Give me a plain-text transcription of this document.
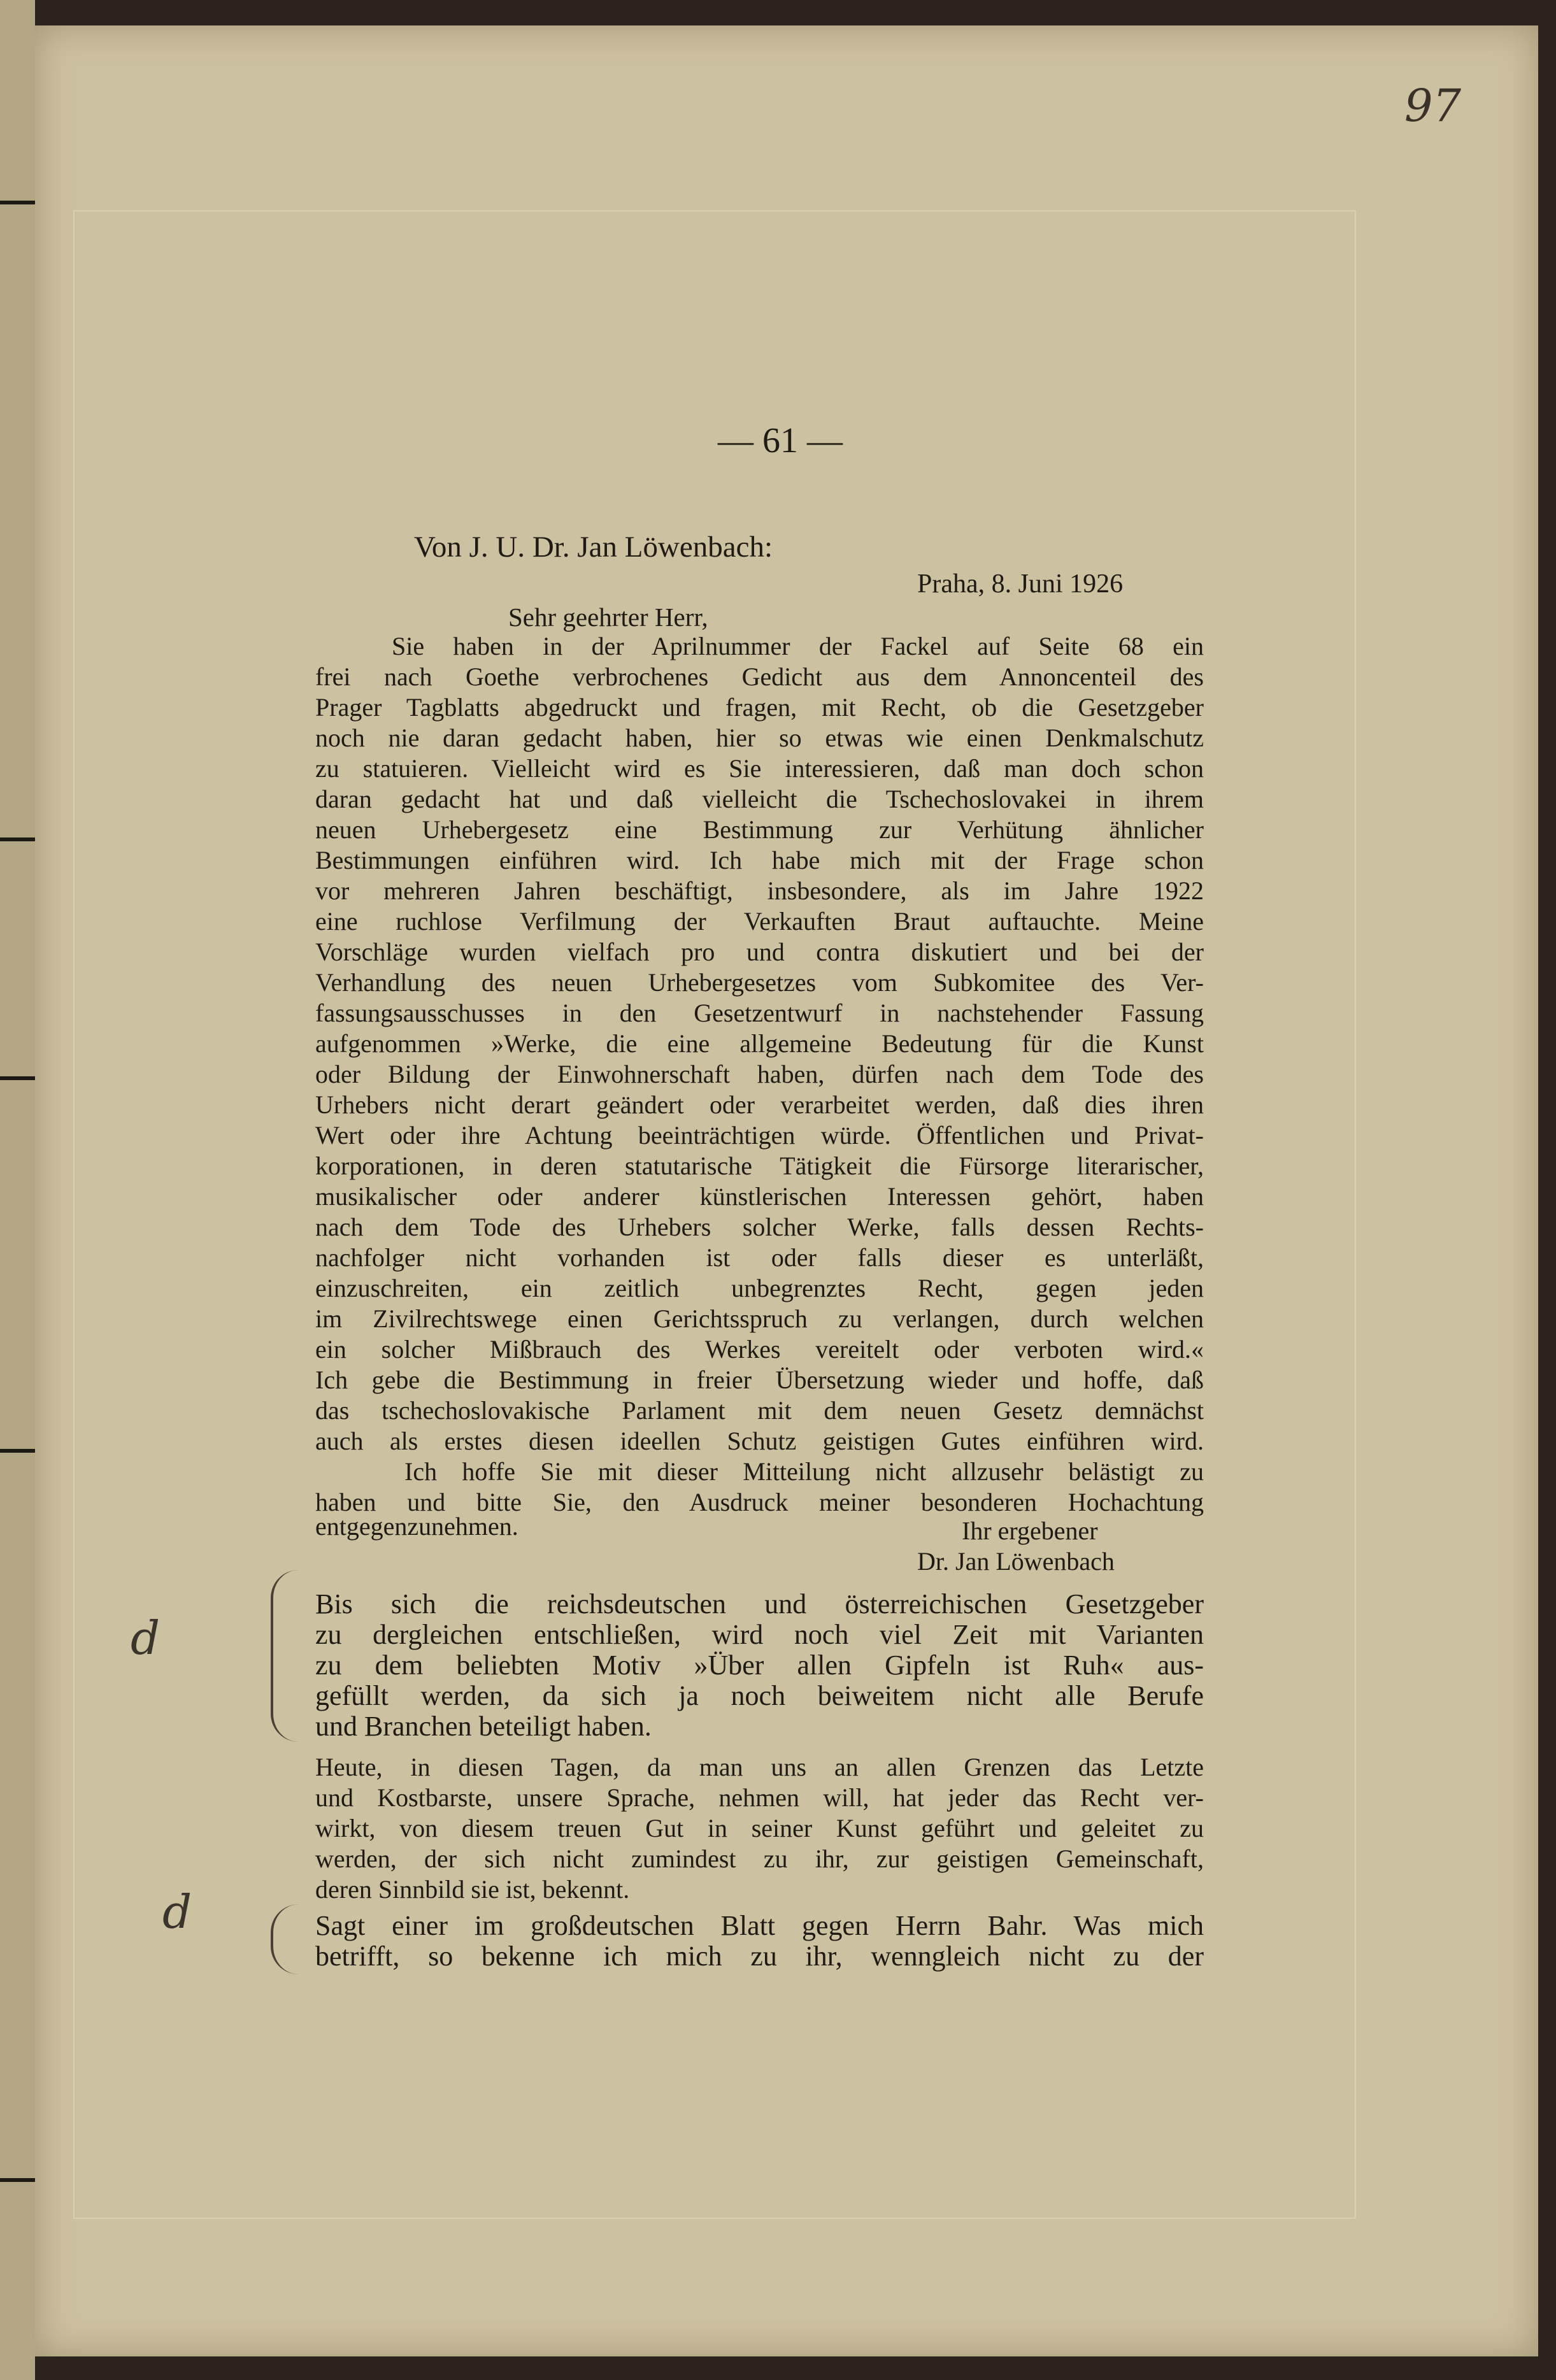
97
— 61 —
Von J. U. Dr. Jan Löwenbach:
Praha, 8. Juni 1926
Sehr geehrter Herr,
Sie haben in der Aprilnummer der Fackel auf Seite 68 ein
frei nach Goethe verbrochenes Gedicht aus dem Annoncenteil des
Prager Tagblatts abgedruckt und fragen, mit Recht, ob die Gesetzgeber
noch nie daran gedacht haben, hier so etwas wie einen Denkmalschutz
zu statuieren. Vielleicht wird es Sie interessieren, daß man doch schon
daran gedacht hat und daß vielleicht die Tschechoslovakei in ihrem
neuen Urhebergesetz eine Bestimmung zur Verhütung ähnlicher
Bestimmungen einführen wird. Ich habe mich mit der Frage schon
vor mehreren Jahren beschäftigt, insbesondere, als im Jahre 1922
eine ruchlose Verfilmung der Verkauften Braut auftauchte. Meine
Vorschläge wurden vielfach pro und contra diskutiert und bei der
Verhandlung des neuen Urhebergesetzes vom Subkomitee des Ver-
fassungsausschusses in den Gesetzentwurf in nachstehender Fassung
aufgenommen »Werke, die eine allgemeine Bedeutung für die Kunst
oder Bildung der Einwohnerschaft haben, dürfen nach dem Tode des
Urhebers nicht derart geändert oder verarbeitet werden, daß dies ihren
Wert oder ihre Achtung beeinträchtigen würde. Öffentlichen und Privat-
korporationen, in deren statutarische Tätigkeit die Fürsorge literarischer,
musikalischer oder anderer künstlerischen Interessen gehört, haben
nach dem Tode des Urhebers solcher Werke, falls dessen Rechts-
nachfolger nicht vorhanden ist oder falls dieser es unterläßt,
einzuschreiten, ein zeitlich unbegrenztes Recht, gegen jeden
im Zivilrechtswege einen Gerichtsspruch zu verlangen, durch welchen
ein solcher Mißbrauch des Werkes vereitelt oder verboten wird.«
Ich gebe die Bestimmung in freier Übersetzung wieder und hoffe, daß
das tschechoslovakische Parlament mit dem neuen Gesetz demnächst
auch als erstes diesen ideellen Schutz geistigen Gutes einführen wird.
Ich hoffe Sie mit dieser Mitteilung nicht allzusehr belästigt zu
haben und bitte Sie, den Ausdruck meiner besonderen Hochachtung
entgegenzunehmen.	Ihr ergebener
Dr. Jan Löwenbach
Bis sich die reichsdeutschen und österreichischen Gesetzgeber
zu dergleichen entschließen, wird noch viel Zeit mit Varianten
zu dem beliebten Motiv »Über allen Gipfeln ist Ruh« aus-
gefüllt werden, da sich ja noch beiweitem nicht alle Berufe
und Branchen beteiligt haben.
Heute, in diesen Tagen, da man uns an allen Grenzen das Letzte
und Kostbarste, unsere Sprache, nehmen will, hat jeder das Recht ver-
wirkt, von diesem treuen Gut in seiner Kunst geführt und geleitet zu
werden, der sich nicht zumindest zu ihr, zur geistigen Gemeinschaft,
deren Sinnbild sie ist, bekennt.
Sagt einer im großdeutschen Blatt gegen Herrn Bahr. Was mich
betrifft, so bekenne ich mich zu ihr, wenngleich nicht zu der
d
d
